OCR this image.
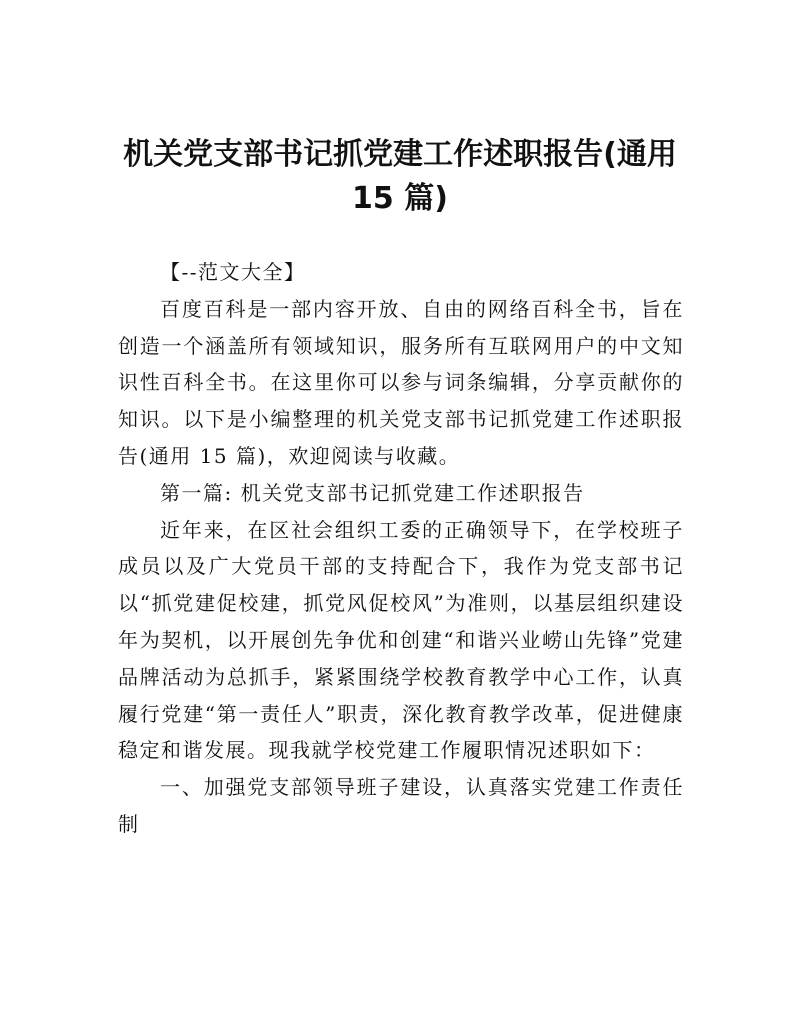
机关党支部书记抓党建工作述职报告(通用
15 篇)

【--范文大全】

百度百科是一部内容开放、自由的网络百科全书，旨在创造一个涵盖所有领域知识，服务所有互联网用户的中文知识性百科全书。在这里你可以参与词条编辑，分享贡献你的知识。以下是小编整理的机关党支部书记抓党建工作述职报告(通用 15 篇)，欢迎阅读与收藏。

第一篇: 机关党支部书记抓党建工作述职报告

近年来，在区社会组织工委的正确领导下，在学校班子成员以及广大党员干部的支持配合下，我作为党支部书记以“抓党建促校建，抓党风促校风”为准则，以基层组织建设年为契机，以开展创先争优和创建“和谐兴业崂山先锋”党建品牌活动为总抓手，紧紧围绕学校教育教学中心工作，认真履行党建“第一责任人”职责，深化教育教学改革，促进健康稳定和谐发展。现我就学校党建工作履职情况述职如下：

一、加强党支部领导班子建设，认真落实党建工作责任制
